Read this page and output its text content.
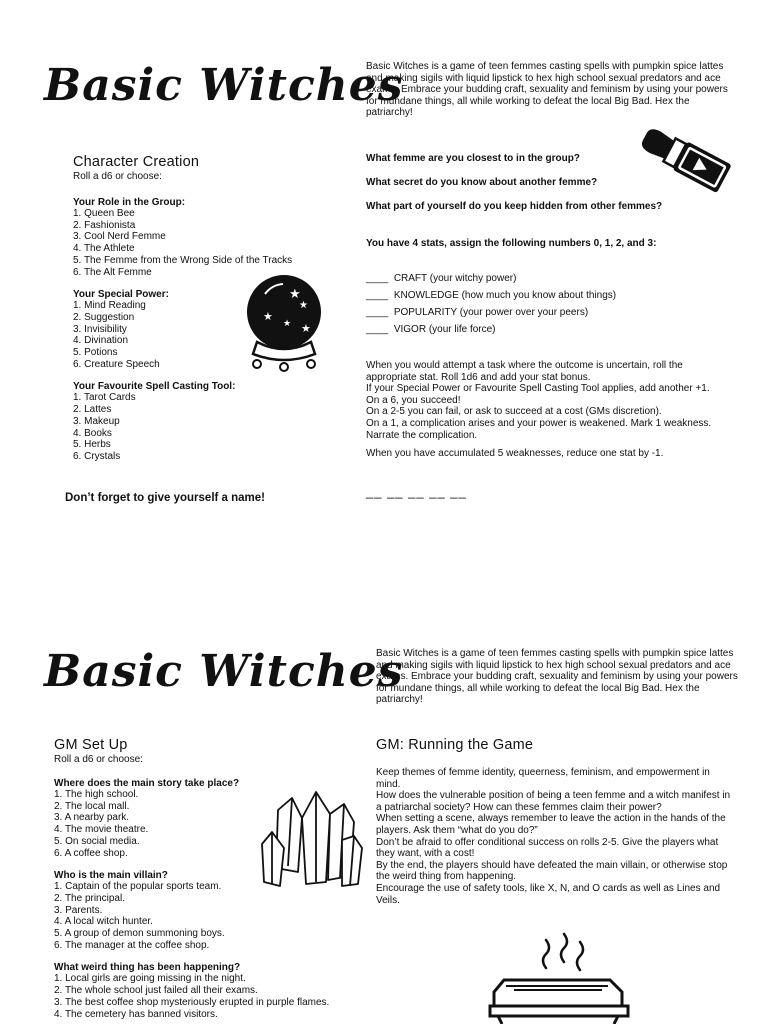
Basic Witches
Basic Witches is a game of teen femmes casting spells with pumpkin spice lattes and making sigils with liquid lipstick to hex high school sexual predators and ace exams. Embrace your budding craft, sexuality and feminism by using your powers for mundane things, all while working to defeat the local Big Bad. Hex the patriarchy!
Character Creation
Roll a d6 or choose:
Your Role in the Group:
1. Queen Bee
2. Fashionista
3. Cool Nerd Femme
4. The Athlete
5. The Femme from the Wrong Side of the Tracks
6. The Alt Femme
Your Special Power:
1. Mind Reading
2. Suggestion
3. Invisibility
4. Divination
5. Potions
6. Creature Speech
Your Favourite Spell Casting Tool:
1. Tarot Cards
2. Lattes
3. Makeup
4. Books
5. Herbs
6. Crystals
Don’t forget to give yourself a name!
★
★
★
★ ★
What femme are you closest to in the group?
What secret do you know about another femme?
What part of yourself do you keep hidden from other femmes?
You have 4 stats, assign the following numbers 0, 1, 2, and 3:
____ CRAFT (your witchy power)
____ KNOWLEDGE (how much you know about things)
____ POPULARITY (your power over your peers)
____ VIGOR (your life force)
When you would attempt a task where the outcome is uncertain, roll the appropriate stat. Roll 1d6 and add your stat bonus.
If your Special Power or Favourite Spell Casting Tool applies, add another +1.
On a 6, you succeed!
On a 2-5 you can fail, or ask to succeed at a cost (GMs discretion).
On a 1, a complication arises and your power is weakened. Mark 1 weakness. Narrate the complication.
When you have accumulated 5 weaknesses, reduce one stat by -1.
__ __ __ __ __
Basic Witches
Basic Witches is a game of teen femmes casting spells with pumpkin spice lattes and making sigils with liquid lipstick to hex high school sexual predators and ace exams. Embrace your budding craft, sexuality and feminism by using your powers for mundane things, all while working to defeat the local Big Bad. Hex the patriarchy!
GM Set Up
Roll a d6 or choose:
Where does the main story take place?
1. The high school.
2. The local mall.
3. A nearby park.
4. The movie theatre.
5. On social media.
6. A coffee shop.
Who is the main villain?
1. Captain of the popular sports team.
2. The principal.
3. Parents.
4. A local witch hunter.
5. A group of demon summoning boys.
6. The manager at the coffee shop.
What weird thing has been happening?
1. Local girls are going missing in the night.
2. The whole school just failed all their exams.
3. The best coffee shop mysteriously erupted in purple flames.
4. The cemetery has banned visitors.
GM: Running the Game
Keep themes of femme identity, queerness, feminism, and empowerment in mind.
How does the vulnerable position of being a teen femme and a witch manifest in a patriarchal society? How can these femmes claim their power?
When setting a scene, always remember to leave the action in the hands of the players. Ask them “what do you do?”
Don’t be afraid to offer conditional success on rolls 2-5. Give the players what they want, with a cost!
By the end, the players should have defeated the main villain, or otherwise stop the weird thing from happening.
Encourage the use of safety tools, like X, N, and O cards as well as Lines and Veils.
